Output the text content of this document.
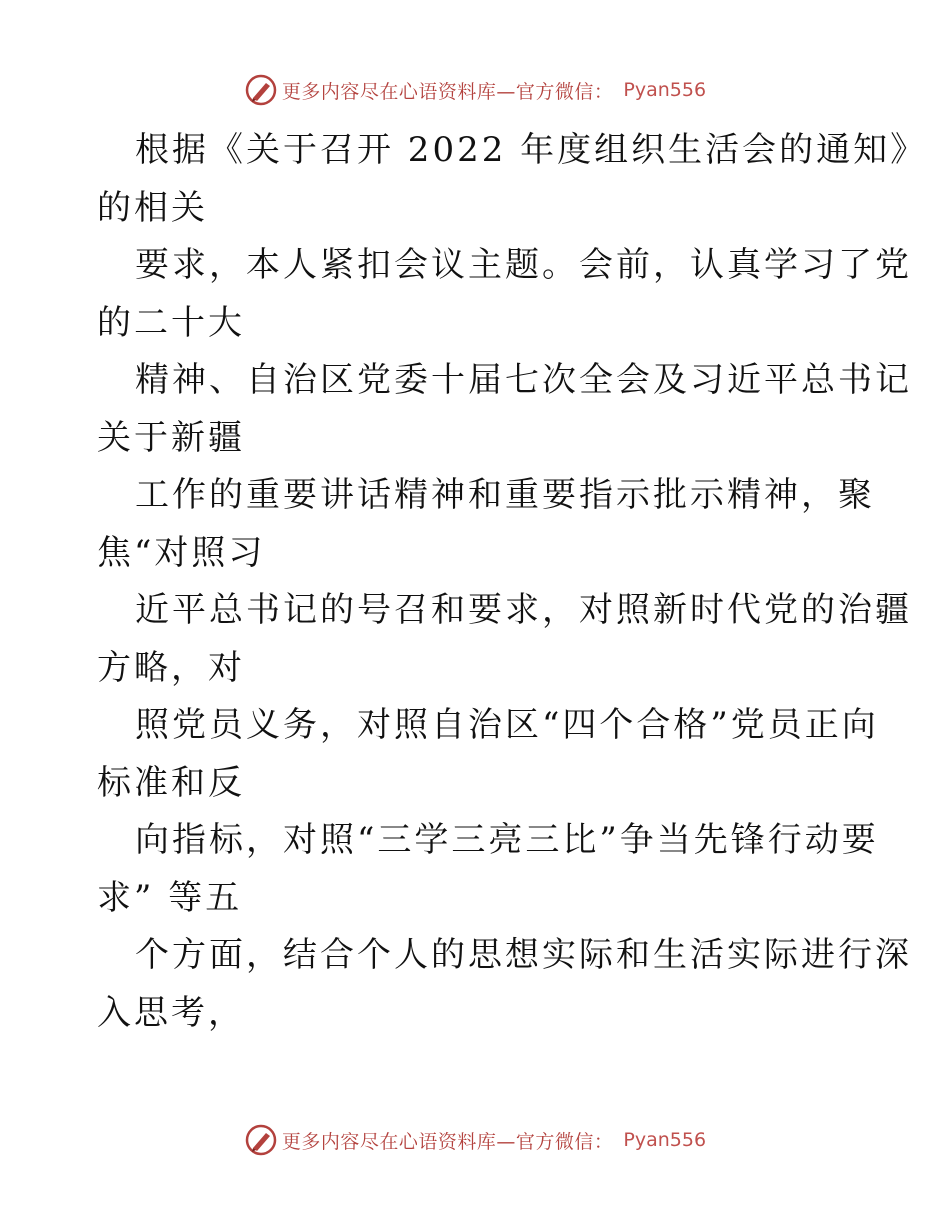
更多内容尽在心语资料库—官方微信： Pyan556
根据《关于召开 2022 年度组织生活会的通知》
的相关
要求，本人紧扣会议主题。会前，认真学习了党
的二十大
精神、自治区党委十届七次全会及习近平总书记
关于新疆
工作的重要讲话精神和重要指示批示精神，聚
焦“对照习
近平总书记的号召和要求，对照新时代党的治疆
方略，对
照党员义务，对照自治区“四个合格”党员正向
标准和反
向指标，对照“三学三亮三比”争当先锋行动要
求” 等五
个方面，结合个人的思想实际和生活实际进行深
入思考，
更多内容尽在心语资料库—官方微信： Pyan556
